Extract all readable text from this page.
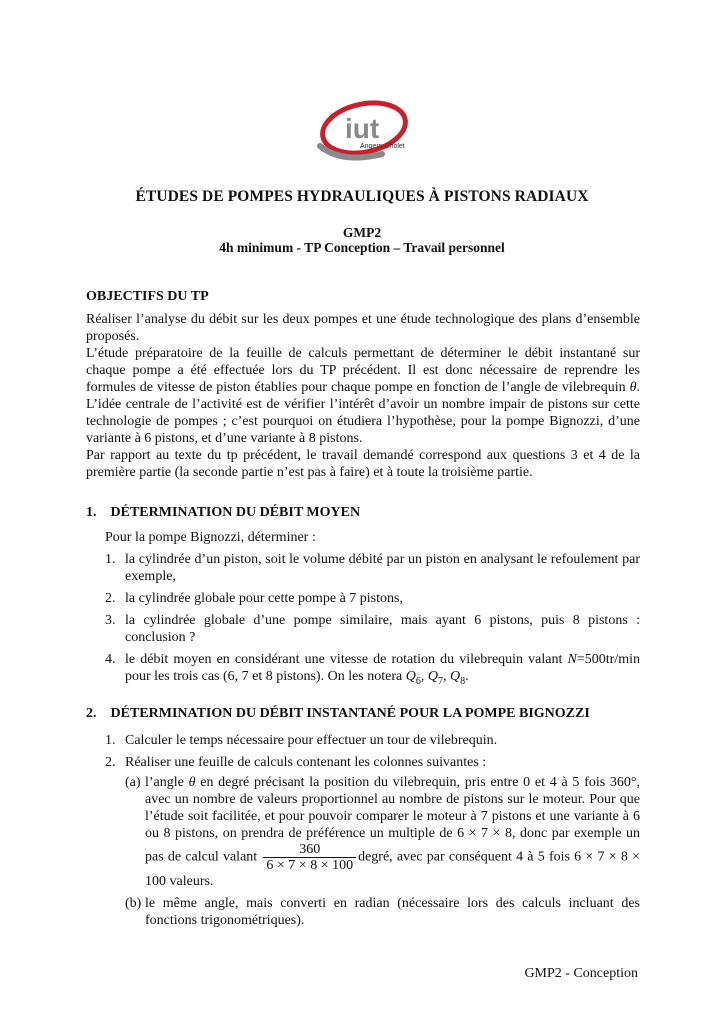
iut
Angers-Cholet
ÉTUDES DE POMPES HYDRAULIQUES À PISTONS RADIAUX
GMP2
4h minimum - TP Conception – Travail personnel
OBJECTIFS DU TP

Réaliser l’analyse du débit sur les deux pompes et une étude technologique des plans d’ensemble proposés.

L’étude préparatoire de la feuille de calculs permettant de déterminer le débit instantané sur chaque pompe a été effectuée lors du TP précédent. Il est donc nécessaire de reprendre les formules de vitesse de piston établies pour chaque pompe en fonction de l’angle de vilebrequin θ. L’idée centrale de l’activité est de vérifier l’intérêt d’avoir un nombre impair de pistons sur cette technologie de pompes ; c’est pourquoi on étudiera l’hypothèse, pour la pompe Bignozzi, d’une variante à 6 pistons, et d’une variante à 8 pistons.

Par rapport au texte du tp précédent, le travail demandé correspond aux questions 3 et 4 de la première partie (la seconde partie n’est pas à faire) et à toute la troisième partie.

1. DÉTERMINATION DU DÉBIT MOYEN
Pour la pompe Bignozzi, déterminer :
1. la cylindrée d’un piston, soit le volume débité par un piston en analysant le refoulement par exemple,
2. la cylindrée globale pour cette pompe à 7 pistons,
3. la cylindrée globale d’une pompe similaire, mais ayant 6 pistons, puis 8 pistons : conclusion ?
4. le débit moyen en considérant une vitesse de rotation du vilebrequin valant N=500tr/min pour les trois cas (6, 7 et 8 pistons). On les notera $Q_6$, $Q_7$, $Q_8$.
2. DÉTERMINATION DU DÉBIT INSTANTANÉ POUR LA POMPE BIGNOZZI
1. Calculer le temps nécessaire pour effectuer un tour de vilebrequin.
2. Réaliser une feuille de calculs contenant les colonnes suivantes :
(a) l’angle θ en degré précisant la position du vilebrequin, pris entre 0 et 4 à 5 fois 360°, avec un nombre de valeurs proportionnel au nombre de pistons sur le moteur. Pour que l’étude soit facilitée, et pour pouvoir comparer le moteur à 7 pistons et une variante à 6 ou 8 pistons, on prendra de préférence un multiple de 6 × 7 × 8, donc par exemple un pas de calcul valant $\frac{360}{6 \times 7 \times 8 \times 100}$ degré, avec par conséquent 4 à 5 fois 6 × 7 × 8 × 100 valeurs.
(b) le même angle, mais converti en radian (nécessaire lors des calculs incluant des fonctions trigonométriques).
GMP2 - Conception
